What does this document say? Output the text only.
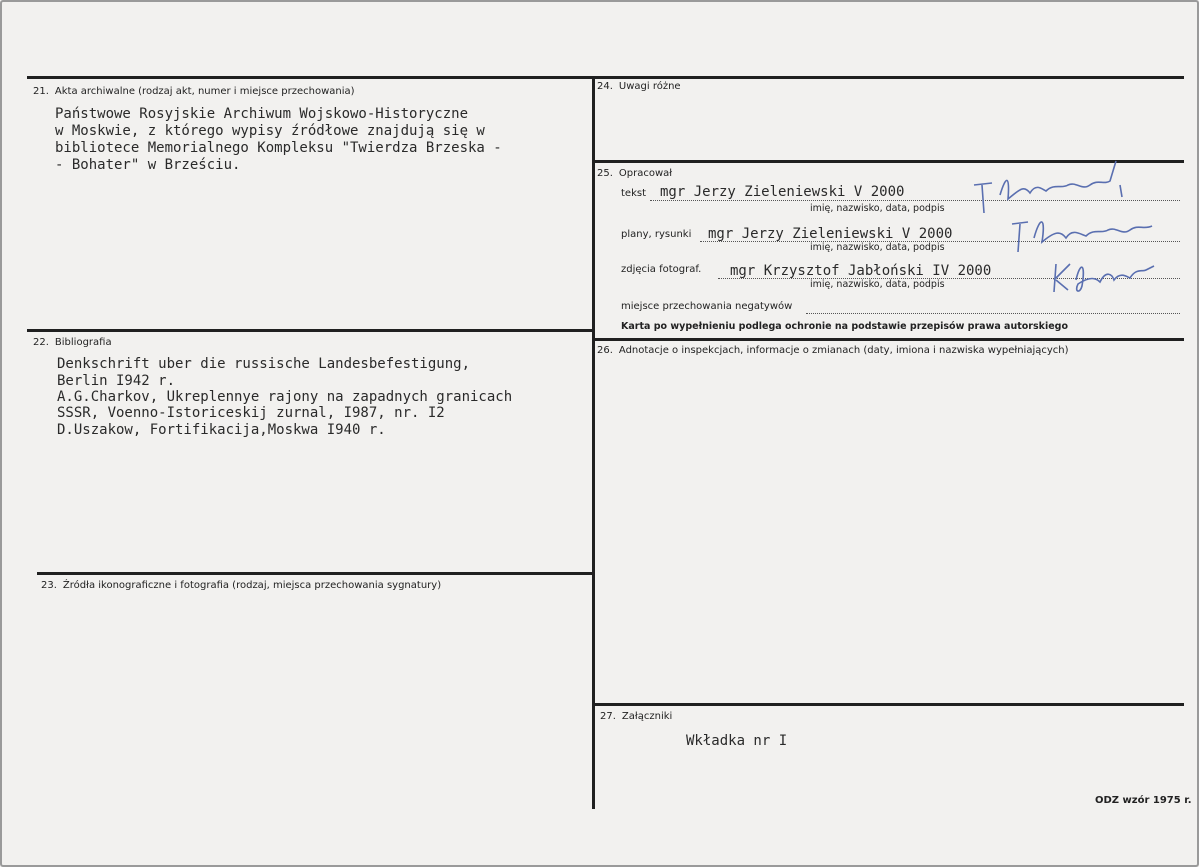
21. Akta archiwalne (rodzaj akt, numer i miejsce przechowania)
Państwowe Rosyjskie Archiwum Wojskowo-Historyczne
w Moskwie, z którego wypisy źródłowe znajdują się w
bibliotece Memorialnego Kompleksu "Twierdza Brzeska -
- Bohater" w Brześciu.
22. Bibliografia
Denkschrift uber die russische Landesbefestigung,
Berlin I942 r.
A.G.Charkov, Ukreplennye rajony na zapadnych granicach
SSSR, Voenno-Istoriceskij zurnal, I987, nr. I2
D.Uszakow, Fortifikacija,Moskwa I940 r.
23. Źródła ikonograficzne i fotografia (rodzaj, miejsca przechowania sygnatury)
24. Uwagi różne
25. Opracował
tekst mgr Jerzy Zieleniewski V 2000
imię, nazwisko, data, podpis
plany, rysunki mgr Jerzy Zieleniewski V 2000
imię, nazwisko, data, podpis
zdjęcia fotograf. mgr Krzysztof Jabłoński IV 2000
imię, nazwisko, data, podpis
miejsce przechowania negatywów
Karta po wypełnieniu podlega ochronie na podstawie przepisów prawa autorskiego
26. Adnotacje o inspekcjach, informacje o zmianach (daty, imiona i nazwiska wypełniających)
27. Załączniki
Wkładka nr I
ODZ wzór 1975 r.
